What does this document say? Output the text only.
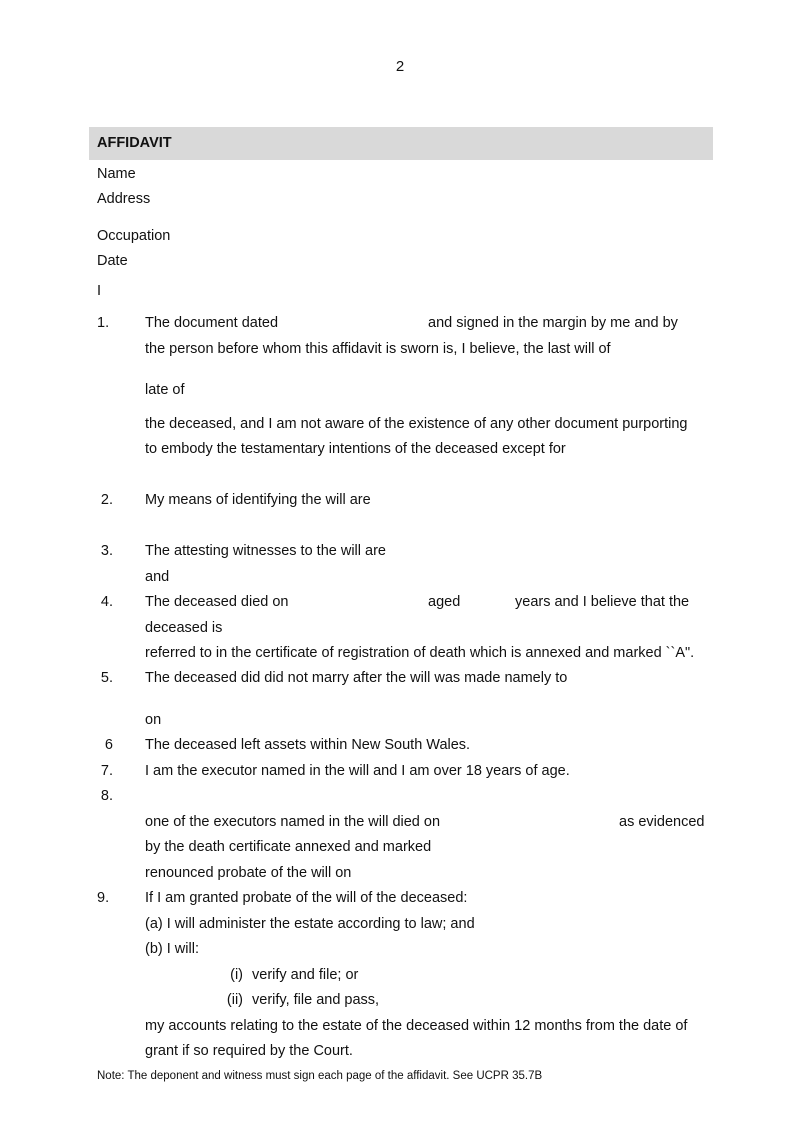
2
AFFIDAVIT
Name
Address
Occupation
Date
I
1. The document dated	and signed in the margin by me and by
the person before whom this affidavit is sworn is, I believe, the last will of
late of
the deceased, and I am not aware of the existence of any other document purporting
to embody the testamentary intentions of the deceased except for
2. My means of identifying the will are
3. The attesting witnesses to the will are
and
4. The deceased died on	aged	years and I believe that the
deceased is
referred to in the certificate of registration of death which is annexed and marked ``A".
5. The deceased did did not marry after the will was made namely to
on
6 The deceased left assets within New South Wales.
7. I am the executor named in the will and I am over 18 years of age.
8.
one of the executors named in the will died on	as evidenced
by the death certificate annexed and marked
renounced probate of the will on
9. If I am granted probate of the will of the deceased:
(a) I will administer the estate according to law; and
(b) I will:
(i) verify and file; or
(ii) verify, file and pass,
my accounts relating to the estate of the deceased within 12 months from the date of
grant if so required by the Court.
Note: The deponent and witness must sign each page of the affidavit. See UCPR 35.7B
